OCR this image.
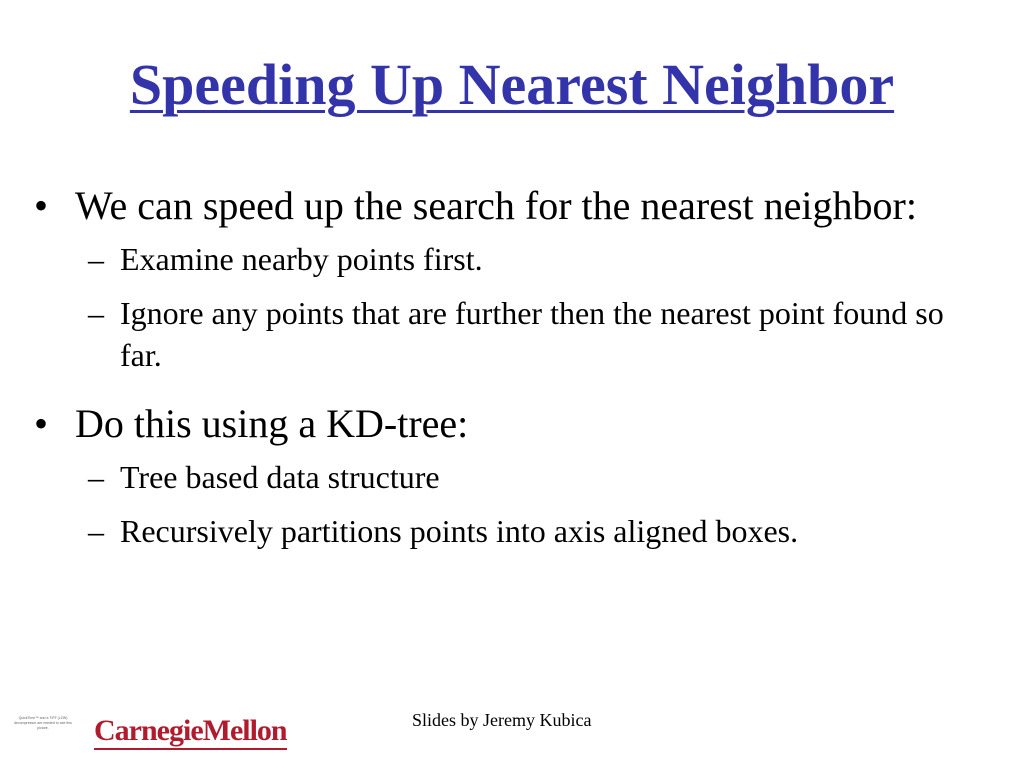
Speeding Up Nearest Neighbor
• We can speed up the search for the nearest neighbor:
– Examine nearby points first.
– Ignore any points that are further then the nearest point found so far.
• Do this using a KD-tree:
– Tree based data structure
– Recursively partitions points into axis aligned boxes.
QuickTime™ and a TIFF (LZW) decompressor are needed to see this picture.	CarnegieMellon	Slides by Jeremy Kubica
